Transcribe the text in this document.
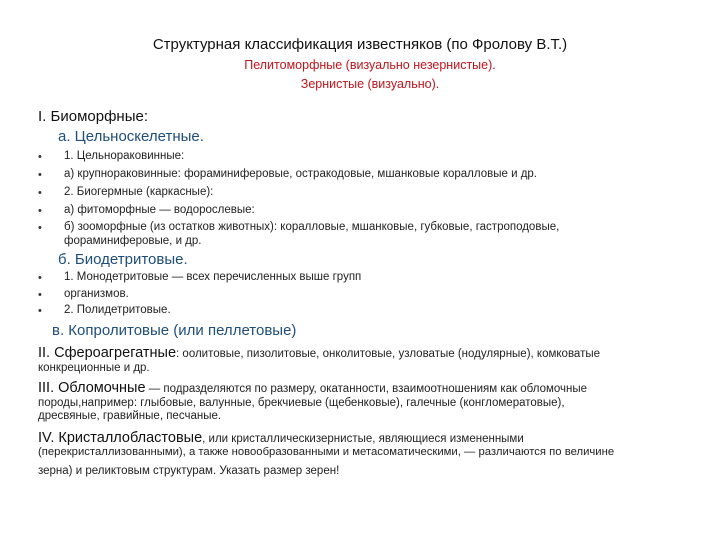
Структурная классификация известняков (по Фролову В.Т.)
Пелитоморфные (визуально незернистые).
Зернистые (визуально).
I. Биоморфные:
а. Цельноскелетные.
• 1. Цельнораковинные:
• а) крупнораковинные: фораминиферовые, остракодовые, мшанковые коралловые и др.
• 2. Биогермные (каркасные):
• а) фитоморфные — водорослевые:
• б) зооморфные (из остатков животных): коралловые, мшанковые, губковые, гастроподовые,
фораминиферовые, и др.
б. Биодетритовые.
• 1. Монодетритовые — всех перечисленных выше групп
• организмов.
• 2. Полидетритовые.
в. Копролитовые (или пеллетовые)
II. Сфероагрегатные: оолитовые, пизолитовые, онколитовые, узловатые (нодулярные), комковатые
конкреционные и др.
III. Обломочные — подразделяются по размеру, окатанности, взаимоотношениям как обломочные
породы,например: глыбовые, валунные, брекчиевые (щебенковые), галечные (конгломератовые),
дресвяные, гравийные, песчаные.
IV. Кристаллобластовые, или кристаллическизернистые, являющиеся измененными
(перекристаллизованными), а также новообразованными и метасоматическими, — различаются по величине
зерна) и реликтовым структурам. Указать размер зерен!
